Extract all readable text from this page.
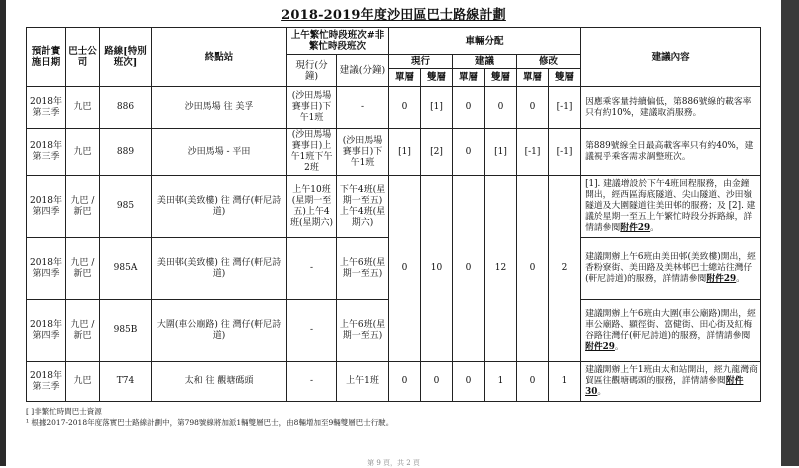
2018-2019年度沙田區巴士路線計劃
預計實施日期	巴士公司	路線[特別班次]	終點站	上午繁忙時段班次#非繁忙時段班次		車輛分配						建議內容
				現行(分鐘)	建議(分鐘)	現行		建議		修改		
						單層	雙層	單層	雙層	單層	雙層	
2018年第三季	九巴	886	沙田馬場 往 美孚	(沙田馬場賽事日)下午1班	-	0	[1]	0	0	0	[-1]	因應乘客量持續偏低，第886號線的載客率只有約10%，建議取消服務。
2018年第三季	九巴	889	沙田馬場 - 平田	(沙田馬場賽事日)上午1班下午2班	(沙田馬場賽事日)下午1班	[1]	[2]	0	[1]	[-1]	[-1]	第889號線全日最高載客率只有約40%，建議視乎乘客需求調整班次。
2018年第四季	九巴 / 新巴	985	美田邨(美致樓) 往 灣仔(軒尼詩道)	上午10班(星期一至五)上午4班(星期六)	下午4班(星期一至五)上午4班(星期六)	0	10	0	12	0	2	[1]. 建議增設於下午4班回程服務，由金鐘開出，經西區海底隧道、尖山隧道、沙田嶺隧道及大圍隧道往美田邨的服務；及 [2]. 建議於星期一至五上午繁忙時段分拆路線，詳情請參閱附件29。
2018年第四季	九巴 / 新巴	985A	美田邨(美致樓) 往 灣仔(軒尼詩道)	-	上午6班(星期一至五)							建議開辦上午6班由美田邨(美致樓)開出，經香粉寮街、美田路及美林邨巴士總站往灣仔(軒尼詩道)的服務，詳情請參閱附件29。
2018年第四季	九巴 / 新巴	985B	大圍(車公廟路) 往 灣仔(軒尼詩道)	-	上午6班(星期一至五)							建議開辦上午6班由大圍(車公廟路)開出，經車公廟路、顯徑街、富健街、田心街及紅梅谷路往灣仔(軒尼詩道)的服務，詳情請參閱附件29。
2018年第三季	九巴	T74	太和 往 觀塘碼頭	-	上午1班	0	0	0	1	0	1	建議開辦上午1班由太和站開出，經九龍灣商貿區往觀塘碼頭的服務，詳情請參閱附件30。
[ ]非繁忙時間巴士資源
¹ 根據2017-2018年度落實巴士路線計劃中，第798號線將加派1輛雙層巴士，由8輛增加至9輛雙層巴士行駛。
第 9 頁，共 2 頁
